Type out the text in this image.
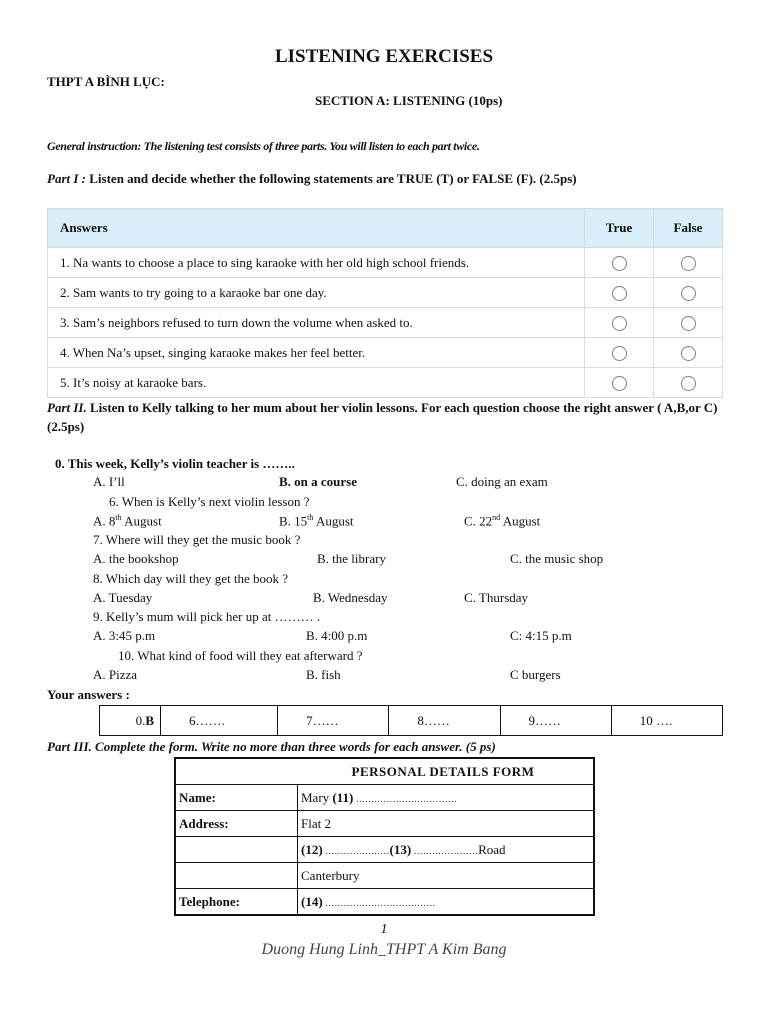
LISTENING EXERCISES
THPT A BÌNH LỤC:
SECTION A: LISTENING (10ps)
General instruction: The listening test consists of three parts. You will listen to each part twice.
Part I : Listen and decide whether the following statements are TRUE (T) or FALSE (F). (2.5ps)
Answers	True	False
1. Na wants to choose a place to sing karaoke with her old high school friends.		
2. Sam wants to try going to a karaoke bar one day.		
3. Sam’s neighbors refused to turn down the volume when asked to.		
4. When Na’s upset, singing karaoke makes her feel better.		
5. It’s noisy at karaoke bars.		
Part II. Listen to Kelly talking to her mum about her violin lessons. For each question choose the right answer ( A,B,or C) (2.5ps)
0. This week, Kelly’s violin teacher is ……..
A. I’ll	B. on a course	C. doing an exam
6. When is Kelly’s next violin lesson ?
A. 8th August	B. 15th August	C. 22nd August
7. Where will they get the music book ?
A. the bookshop	B. the library	C. the music shop
8. Which day will they get the book ?
A. Tuesday	B. Wednesday	C. Thursday
9. Kelly’s mum will pick her up at ……… .
A. 3:45 p.m	B. 4:00 p.m	C: 4:15 p.m
10. What kind of food will they eat afterward ?
A. Pizza	B. fish	C burgers
Your answers :
0.B	6…….	7……	8……	9……	10 ….
Part III. Complete the form. Write no more than three words for each answer. (5 ps)
PERSONAL DETAILS FORM	
Name:	Mary (11) ……………………………
Address:	Flat 2
	(12) …………………(13) …………………Road
	Canterbury
Telephone:	(14) ………………………………
1
Duong Hung Linh_THPT A Kim Bang
